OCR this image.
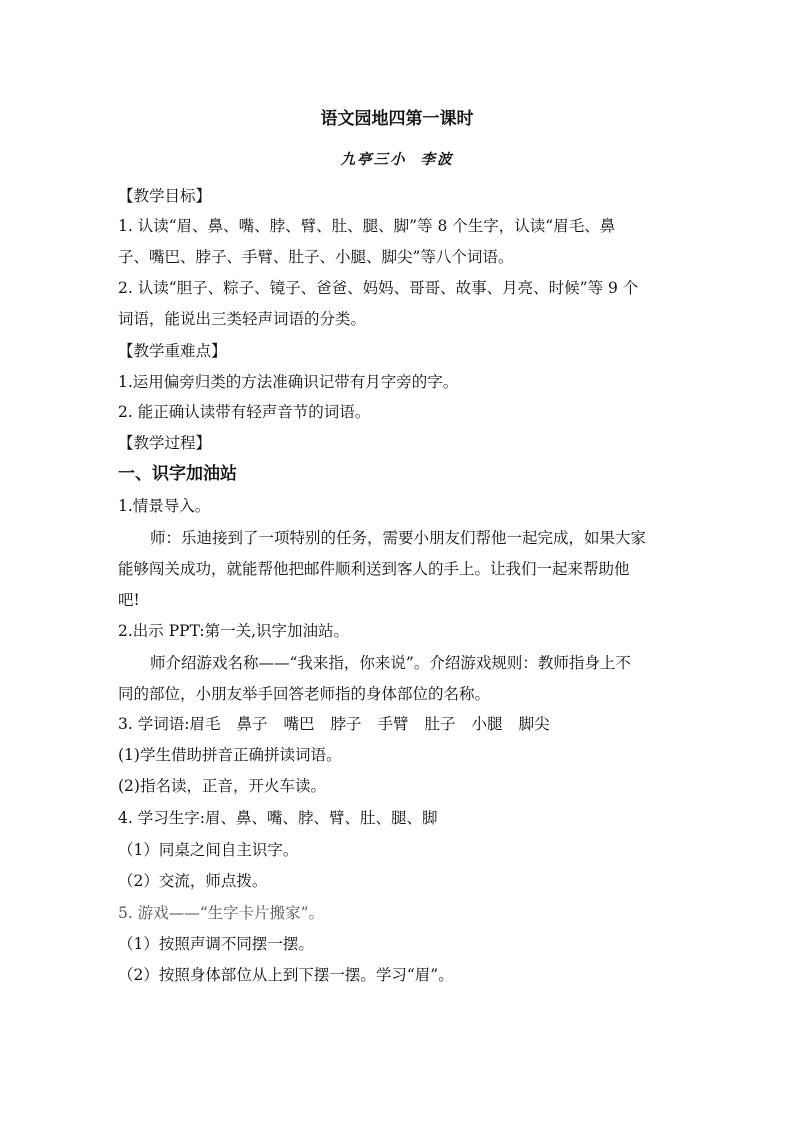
语文园地四第一课时

九亭三小 李波

【教学目标】

1. 认读“眉、鼻、嘴、脖、臂、肚、腿、脚”等 8 个生字，认读“眉毛、鼻

子、嘴巴、脖子、手臂、肚子、小腿、脚尖”等八个词语。

2. 认读“胆子、粽子、镜子、爸爸、妈妈、哥哥、故事、月亮、时候”等 9 个

词语，能说出三类轻声词语的分类。

【教学重难点】

1.运用偏旁归类的方法准确识记带有月字旁的字。

2. 能正确认读带有轻声音节的词语。

【教学过程】

一、识字加油站

1.情景导入。

师：乐迪接到了一项特别的任务，需要小朋友们帮他一起完成，如果大家

能够闯关成功，就能帮他把邮件顺利送到客人的手上。让我们一起来帮助他

吧!

2.出示 PPT:第一关,识字加油站。

师介绍游戏名称——“我来指，你来说”。介绍游戏规则：教师指身上不

同的部位，小朋友举手回答老师指的身体部位的名称。

3. 学词语:眉毛 鼻子 嘴巴 脖子 手臂 肚子 小腿 脚尖

(1)学生借助拼音正确拼读词语。

(2)指名读，正音，开火车读。

4. 学习生字:眉、鼻、嘴、脖、臂、肚、腿、脚

（1）同桌之间自主识字。

（2）交流，师点拨。

5. 游戏——“生字卡片搬家”。

（1）按照声调不同摆一摆。

（2）按照身体部位从上到下摆一摆。学习“眉”。
